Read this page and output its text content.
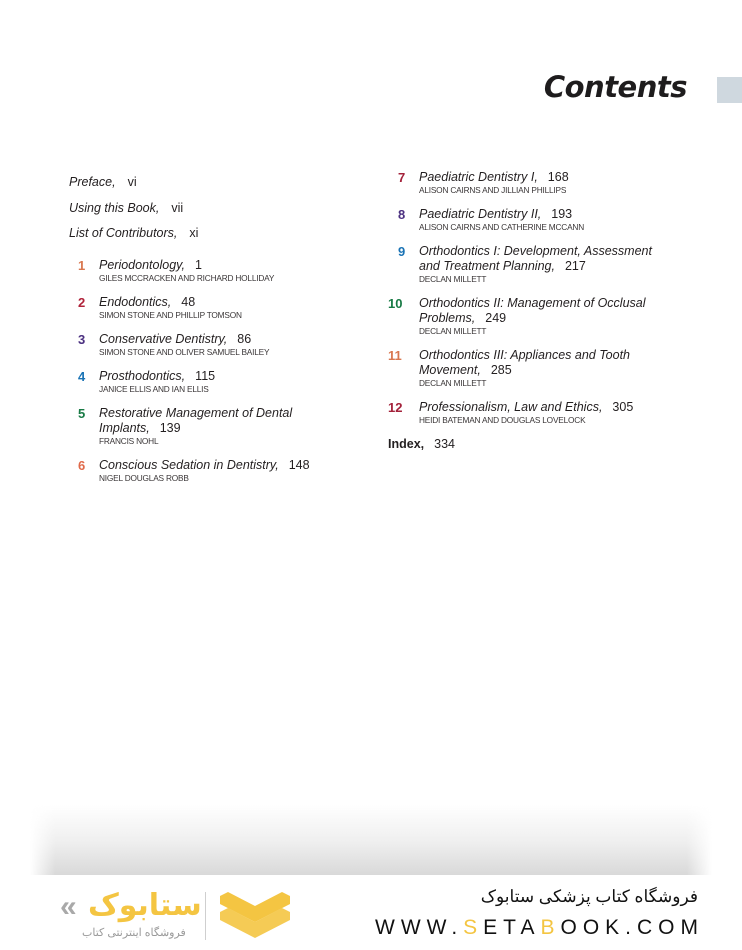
Contents
Preface, vi
Using this Book, vii
List of Contributors, xi
1 Periodontology, 1
GILES MCCRACKEN AND RICHARD HOLLIDAY
2 Endodontics, 48
SIMON STONE AND PHILLIP TOMSON
3 Conservative Dentistry, 86
SIMON STONE AND OLIVER SAMUEL BAILEY
4 Prosthodontics, 115
JANICE ELLIS AND IAN ELLIS
5 Restorative Management of Dental
Implants, 139
FRANCIS NOHL
6 Conscious Sedation in Dentistry, 148
NIGEL DOUGLAS ROBB
7 Paediatric Dentistry I, 168
ALISON CAIRNS AND JILLIAN PHILLIPS
8 Paediatric Dentistry II, 193
ALISON CAIRNS AND CATHERINE MCCANN
9 Orthodontics I: Development, Assessment
and Treatment Planning, 217
DECLAN MILLETT
10 Orthodontics II: Management of Occlusal
Problems, 249
DECLAN MILLETT
11 Orthodontics III: Appliances and Tooth
Movement, 285
DECLAN MILLETT
12 Professionalism, Law and Ethics, 305
HEIDI BATEMAN AND DOUGLAS LOVELOCK
Index, 334
« ستابوک
فروشگاه اینترنتی کتاب
فروشگاه کتاب پزشکی ستابوک
WWW.SETABOOK.COM
